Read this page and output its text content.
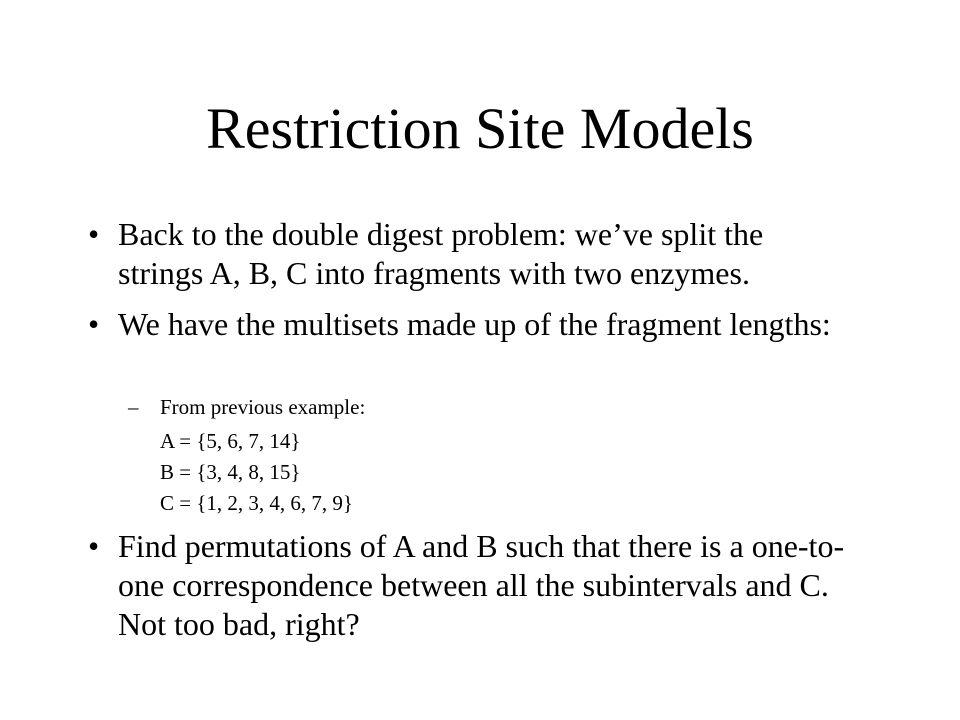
Restriction Site Models
• Back to the double digest problem: we’ve split the strings A, B, C into fragments with two enzymes.
• We have the multisets made up of the fragment lengths:
– From previous example:
A = {5, 6, 7, 14}
B = {3, 4, 8, 15}
C = {1, 2, 3, 4, 6, 7, 9}
• Find permutations of A and B such that there is a one-to-one correspondence between all the subintervals and C. Not too bad, right?
